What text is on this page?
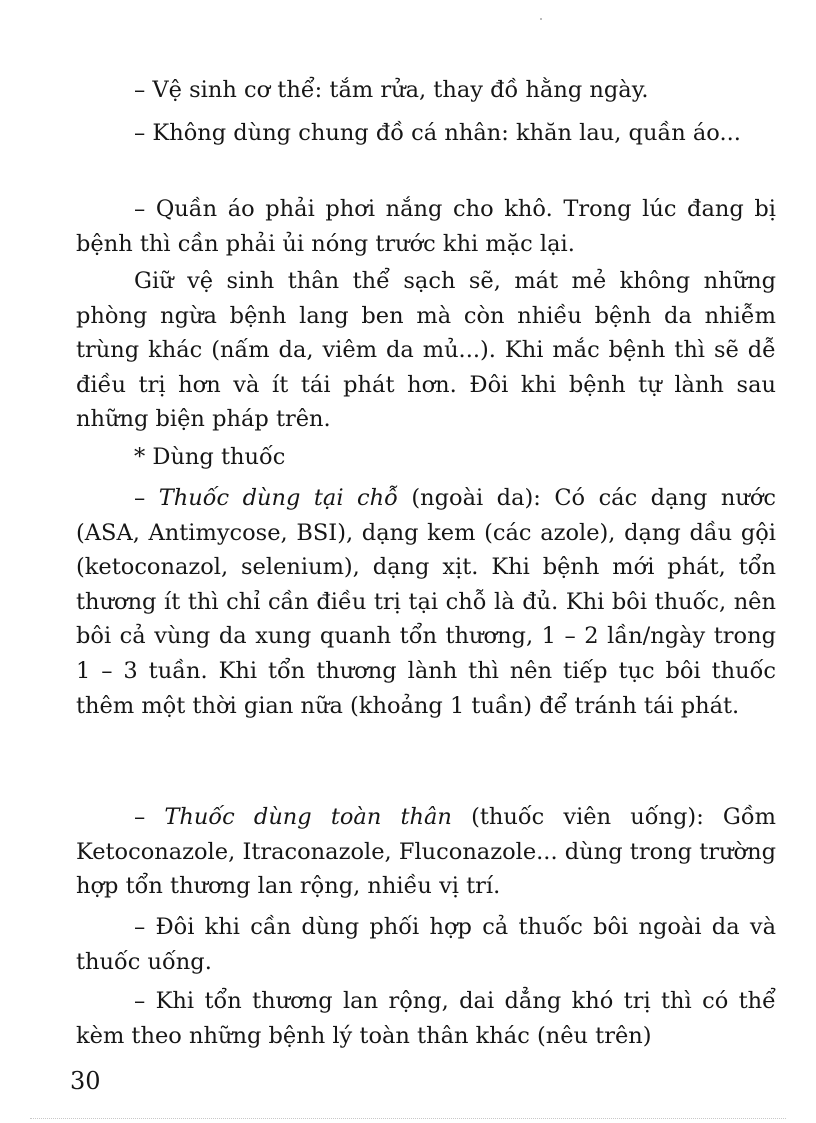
– Vệ sinh cơ thể: tắm rửa, thay đồ hằng ngày.

– Không dùng chung đồ cá nhân: khăn lau, quần áo...

– Quần áo phải phơi nắng cho khô. Trong lúc đang bị bệnh thì cần phải ủi nóng trước khi mặc lại.

Giữ vệ sinh thân thể sạch sẽ, mát mẻ không những phòng ngừa bệnh lang ben mà còn nhiều bệnh da nhiễm trùng khác (nấm da, viêm da mủ...). Khi mắc bệnh thì sẽ dễ điều trị hơn và ít tái phát hơn. Đôi khi bệnh tự lành sau những biện pháp trên.

* Dùng thuốc

– Thuốc dùng tại chỗ (ngoài da): Có các dạng nước (ASA, Antimycose, BSI), dạng kem (các azole), dạng dầu gội (ketoconazol, selenium), dạng xịt. Khi bệnh mới phát, tổn thương ít thì chỉ cần điều trị tại chỗ là đủ. Khi bôi thuốc, nên bôi cả vùng da xung quanh tổn thương, 1 – 2 lần/ngày trong 1 – 3 tuần. Khi tổn thương lành thì nên tiếp tục bôi thuốc thêm một thời gian nữa (khoảng 1 tuần) để tránh tái phát.

– Thuốc dùng toàn thân (thuốc viên uống): Gồm Ketoconazole, Itraconazole, Fluconazole... dùng trong trường hợp tổn thương lan rộng, nhiều vị trí.

– Đôi khi cần dùng phối hợp cả thuốc bôi ngoài da và thuốc uống.

– Khi tổn thương lan rộng, dai dẳng khó trị thì có thể kèm theo những bệnh lý toàn thân khác (nêu trên)

30
